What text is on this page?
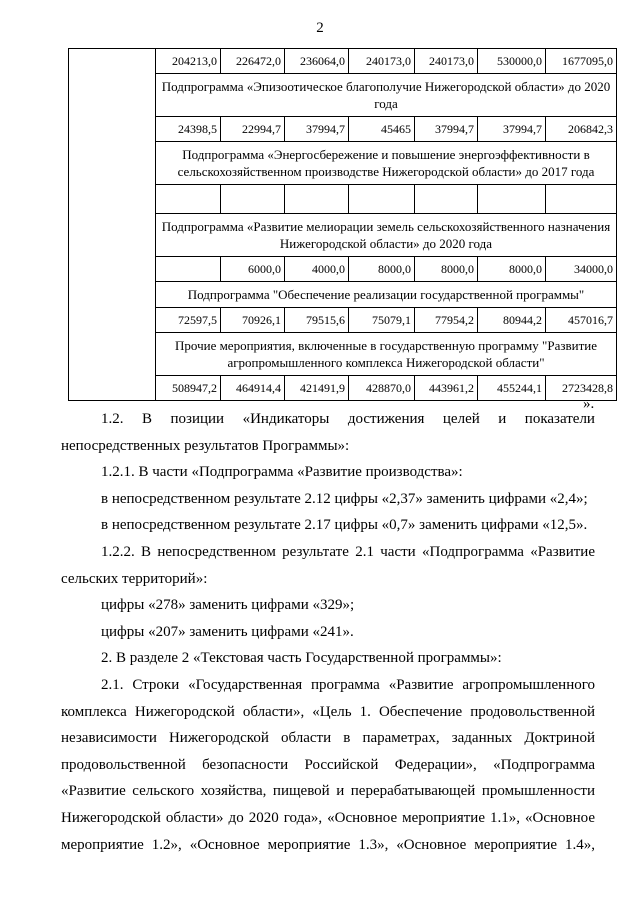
2
	204213,0	226472,0	236064,0	240173,0	240173,0	530000,0	1677095,0
	Подпрограмма «Эпизоотическое благополучие Нижегородской области» до 2020 года						
	24398,5	22994,7	37994,7	45465	37994,7	37994,7	206842,3
	Подпрограмма «Энергосбережение и повышение энергоэффективности в сельскохозяйственном производстве Нижегородской области» до 2017 года						

	Подпрограмма «Развитие мелиорации земель сельскохозяйственного назначения Нижегородской области» до 2020 года						
		6000,0	4000,0	8000,0	8000,0	8000,0	34000,0
	Подпрограмма "Обеспечение реализации государственной программы"						
	72597,5	70926,1	79515,6	75079,1	77954,2	80944,2	457016,7
	Прочие мероприятия, включенные в государственную программу "Развитие агропромышленного комплекса Нижегородской области"						
	508947,2	464914,4	421491,9	428870,0	443961,2	455244,1	2723428,8
».

1.2. В позиции «Индикаторы достижения целей и показатели

непосредственных результатов Программы»:

1.2.1. В части «Подпрограмма «Развитие производства»:

в непосредственном результате 2.12 цифры «2,37» заменить цифрами «2,4»;

в непосредственном результате 2.17 цифры «0,7» заменить цифрами «12,5».

1.2.2. В непосредственном результате 2.1 части «Подпрограмма «Развитие сельских территорий»:

цифры «278» заменить цифрами «329»;

цифры «207» заменить цифрами «241».

2. В разделе 2 «Текстовая часть Государственной программы»:

2.1. Строки «Государственная программа «Развитие агропромышленного комплекса Нижегородской области», «Цель 1. Обеспечение продовольственной независимости Нижегородской области в параметрах, заданных Доктриной продовольственной безопасности Российской Федерации», «Подпрограмма «Развитие сельского хозяйства, пищевой и перерабатывающей промышленности Нижегородской области» до 2020 года», «Основное мероприятие 1.1», «Основное мероприятие 1.2», «Основное мероприятие 1.3», «Основное мероприятие 1.4»,
